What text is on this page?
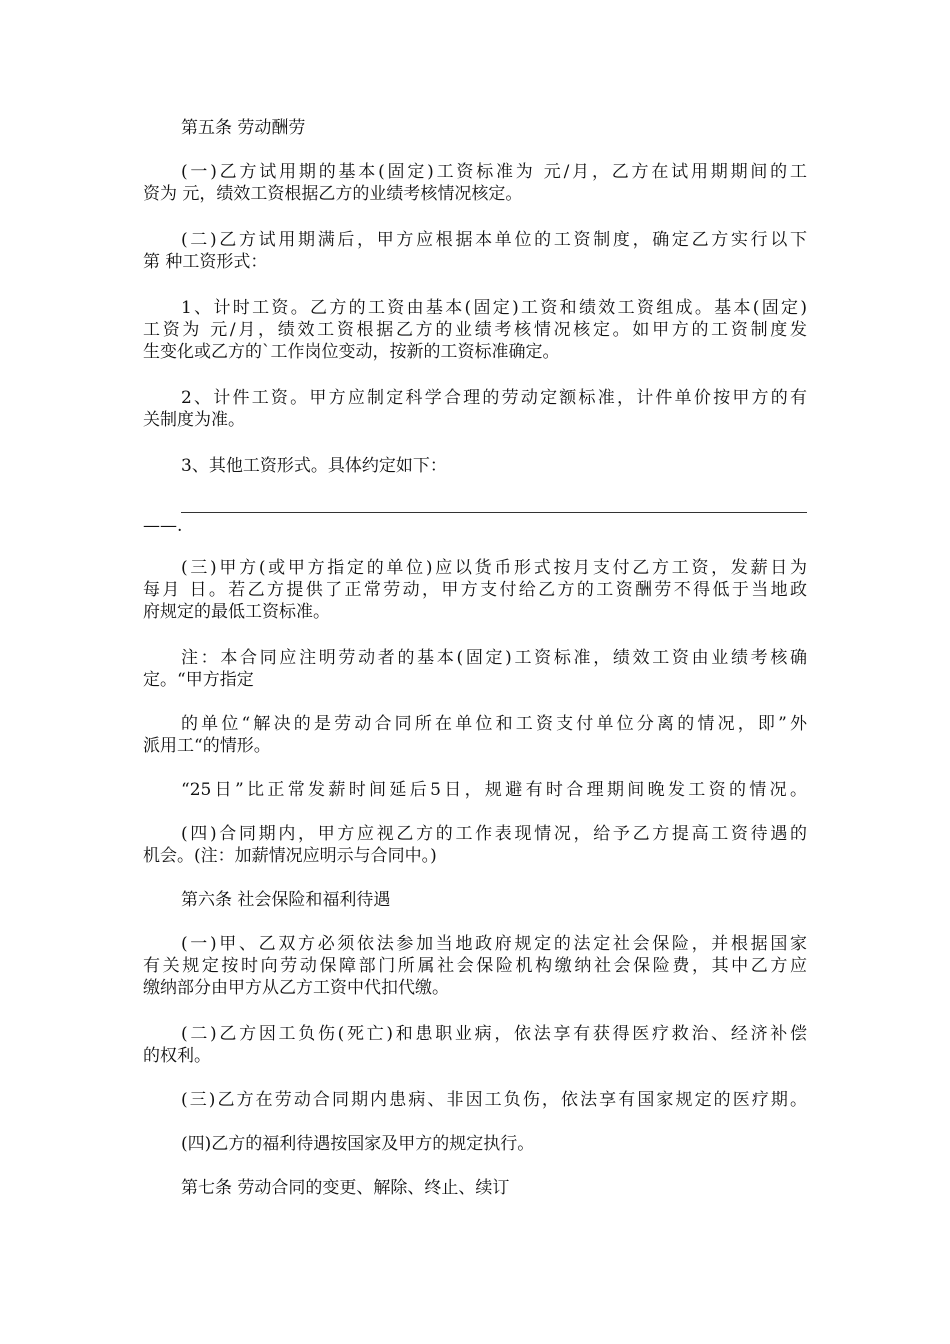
第五条 劳动酬劳
(一)乙方试用期的基本(固定)工资标准为 元/月，乙方在试用期期间的工
资为 元，绩效工资根据乙方的业绩考核情况核定。
(二)乙方试用期满后，甲方应根据本单位的工资制度，确定乙方实行以下
第 种工资形式：
1、计时工资。乙方的工资由基本(固定)工资和绩效工资组成。基本(固定)
工资为 元/月，绩效工资根据乙方的业绩考核情况核定。如甲方的工资制度发
生变化或乙方的`工作岗位变动，按新的工资标准确定。
2、计件工资。甲方应制定科学合理的劳动定额标准，计件单价按甲方的有
关制度为准。
3、其他工资形式。具体约定如下：
——.
(三)甲方(或甲方指定的单位)应以货币形式按月支付乙方工资，发薪日为
每月 日。若乙方提供了正常劳动，甲方支付给乙方的工资酬劳不得低于当地政
府规定的最低工资标准。
注：本合同应注明劳动者的基本(固定)工资标准，绩效工资由业绩考核确
定。“甲方指定
的单位“解决的是劳动合同所在单位和工资支付单位分离的情况，即”外
派用工“的情形。
“25日”比正常发薪时间延后5日，规避有时合理期间晚发工资的情况。
(四)合同期内，甲方应视乙方的工作表现情况，给予乙方提高工资待遇的
机会。(注：加薪情况应明示与合同中。)
第六条 社会保险和福利待遇
(一)甲、乙双方必须依法参加当地政府规定的法定社会保险，并根据国家
有关规定按时向劳动保障部门所属社会保险机构缴纳社会保险费，其中乙方应
缴纳部分由甲方从乙方工资中代扣代缴。
(二)乙方因工负伤(死亡)和患职业病，依法享有获得医疗救治、经济补偿
的权利。
(三)乙方在劳动合同期内患病、非因工负伤，依法享有国家规定的医疗期。
(四)乙方的福利待遇按国家及甲方的规定执行。
第七条 劳动合同的变更、解除、终止、续订
